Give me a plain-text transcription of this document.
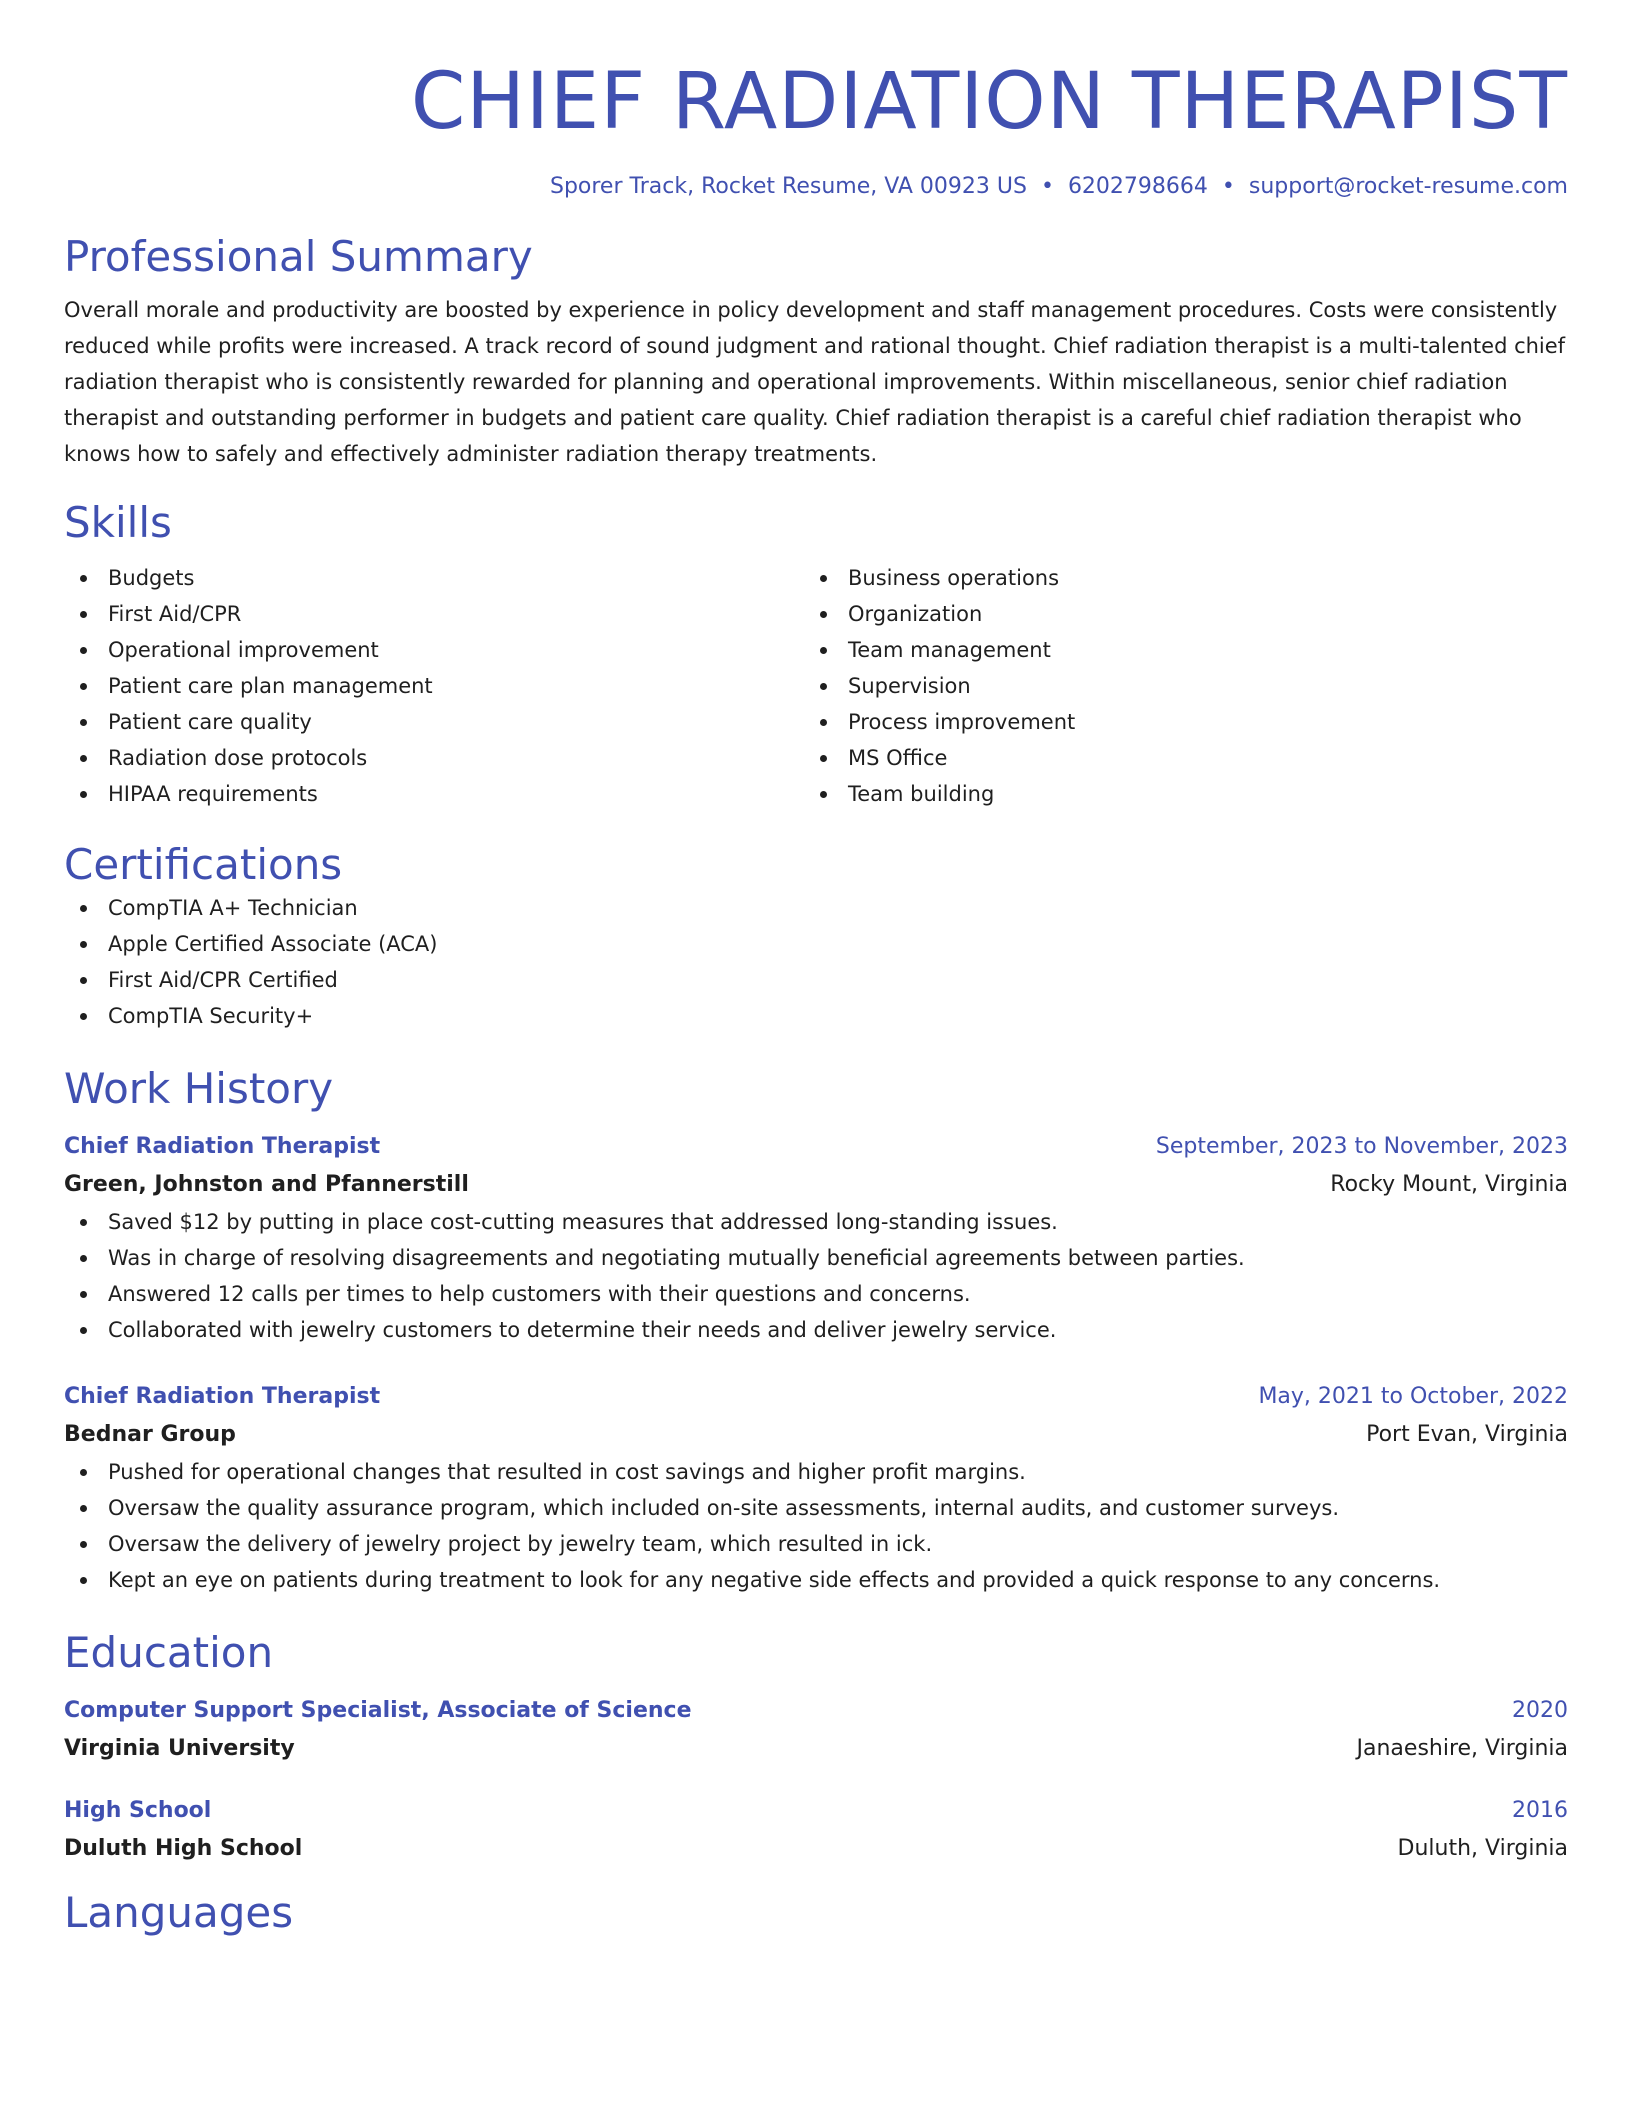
CHIEF RADIATION THERAPIST
Sporer Track, Rocket Resume, VA 00923 US • 6202798664 • support@rocket-resume.com
Professional Summary
Overall morale and productivity are boosted by experience in policy development and staff management procedures. Costs were consistently reduced while profits were increased. A track record of sound judgment and rational thought. Chief radiation therapist is a multi-talented chief radiation therapist who is consistently rewarded for planning and operational improvements. Within miscellaneous, senior chief radiation therapist and outstanding performer in budgets and patient care quality. Chief radiation therapist is a careful chief radiation therapist who knows how to safely and effectively administer radiation therapy treatments.
Skills
Budgets
First Aid/CPR
Operational improvement
Patient care plan management
Patient care quality
Radiation dose protocols
HIPAA requirements
Business operations
Organization
Team management
Supervision
Process improvement
MS Office
Team building
Certifications
CompTIA A+ Technician
Apple Certified Associate (ACA)
First Aid/CPR Certified
CompTIA Security+
Work History
Chief Radiation Therapist	September, 2023 to November, 2023
Green, Johnston and Pfannerstill	Rocky Mount, Virginia
Saved $12 by putting in place cost-cutting measures that addressed long-standing issues.
Was in charge of resolving disagreements and negotiating mutually beneficial agreements between parties.
Answered 12 calls per times to help customers with their questions and concerns.
Collaborated with jewelry customers to determine their needs and deliver jewelry service.
Chief Radiation Therapist	May, 2021 to October, 2022
Bednar Group	Port Evan, Virginia
Pushed for operational changes that resulted in cost savings and higher profit margins.
Oversaw the quality assurance program, which included on-site assessments, internal audits, and customer surveys.
Oversaw the delivery of jewelry project by jewelry team, which resulted in ick.
Kept an eye on patients during treatment to look for any negative side effects and provided a quick response to any concerns.
Education
Computer Support Specialist, Associate of Science	2020
Virginia University	Janaeshire, Virginia
High School	2016
Duluth High School	Duluth, Virginia
Languages
